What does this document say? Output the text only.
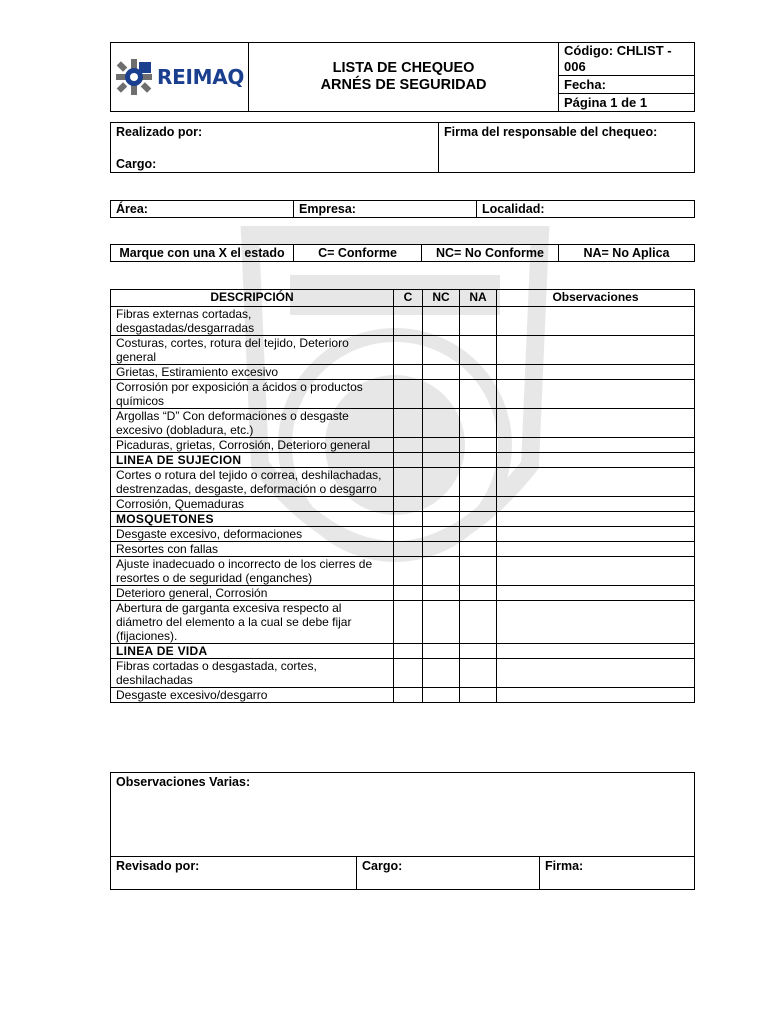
REIMAQ	LISTA DE CHEQUEO
ARNÉS DE SEGURIDAD
	Código: CHLIST - 006
Fecha:
Página 1 de 1
Realizado por:
Cargo:

Firma del responsable del chequeo:
Área:	Empresa:	Localidad:
Marque con una X el estado	C= Conforme	NC= No Conforme	NA= No Aplica
DESCRIPCIÓN	C	NC	NA	Observaciones
Fibras externas cortadas, desgastadas/desgarradas				
Costuras, cortes, rotura del tejido, Deterioro general				
Grietas, Estiramiento excesivo				
Corrosión por exposición a ácidos o productos químicos				
Argollas “D” Con deformaciones o desgaste excesivo (dobladura, etc.)				
Picaduras, grietas, Corrosión, Deterioro general				
LINEA DE SUJECION				
Cortes o rotura del tejido o correa, deshilachadas, destrenzadas, desgaste, deformación o desgarro				
Corrosión, Quemaduras				
MOSQUETONES				
Desgaste excesivo, deformaciones				
Resortes con fallas				
Ajuste inadecuado o incorrecto de los cierres de resortes o de seguridad (enganches)				
Deterioro general, Corrosión				
Abertura de garganta excesiva respecto al diámetro del elemento a la cual se debe fijar (fijaciones).				
LINEA DE VIDA				
Fibras cortadas o desgastada, cortes, deshilachadas				
Desgaste excesivo/desgarro				
Observaciones Varias:
Revisado por:	Cargo:	Firma:
